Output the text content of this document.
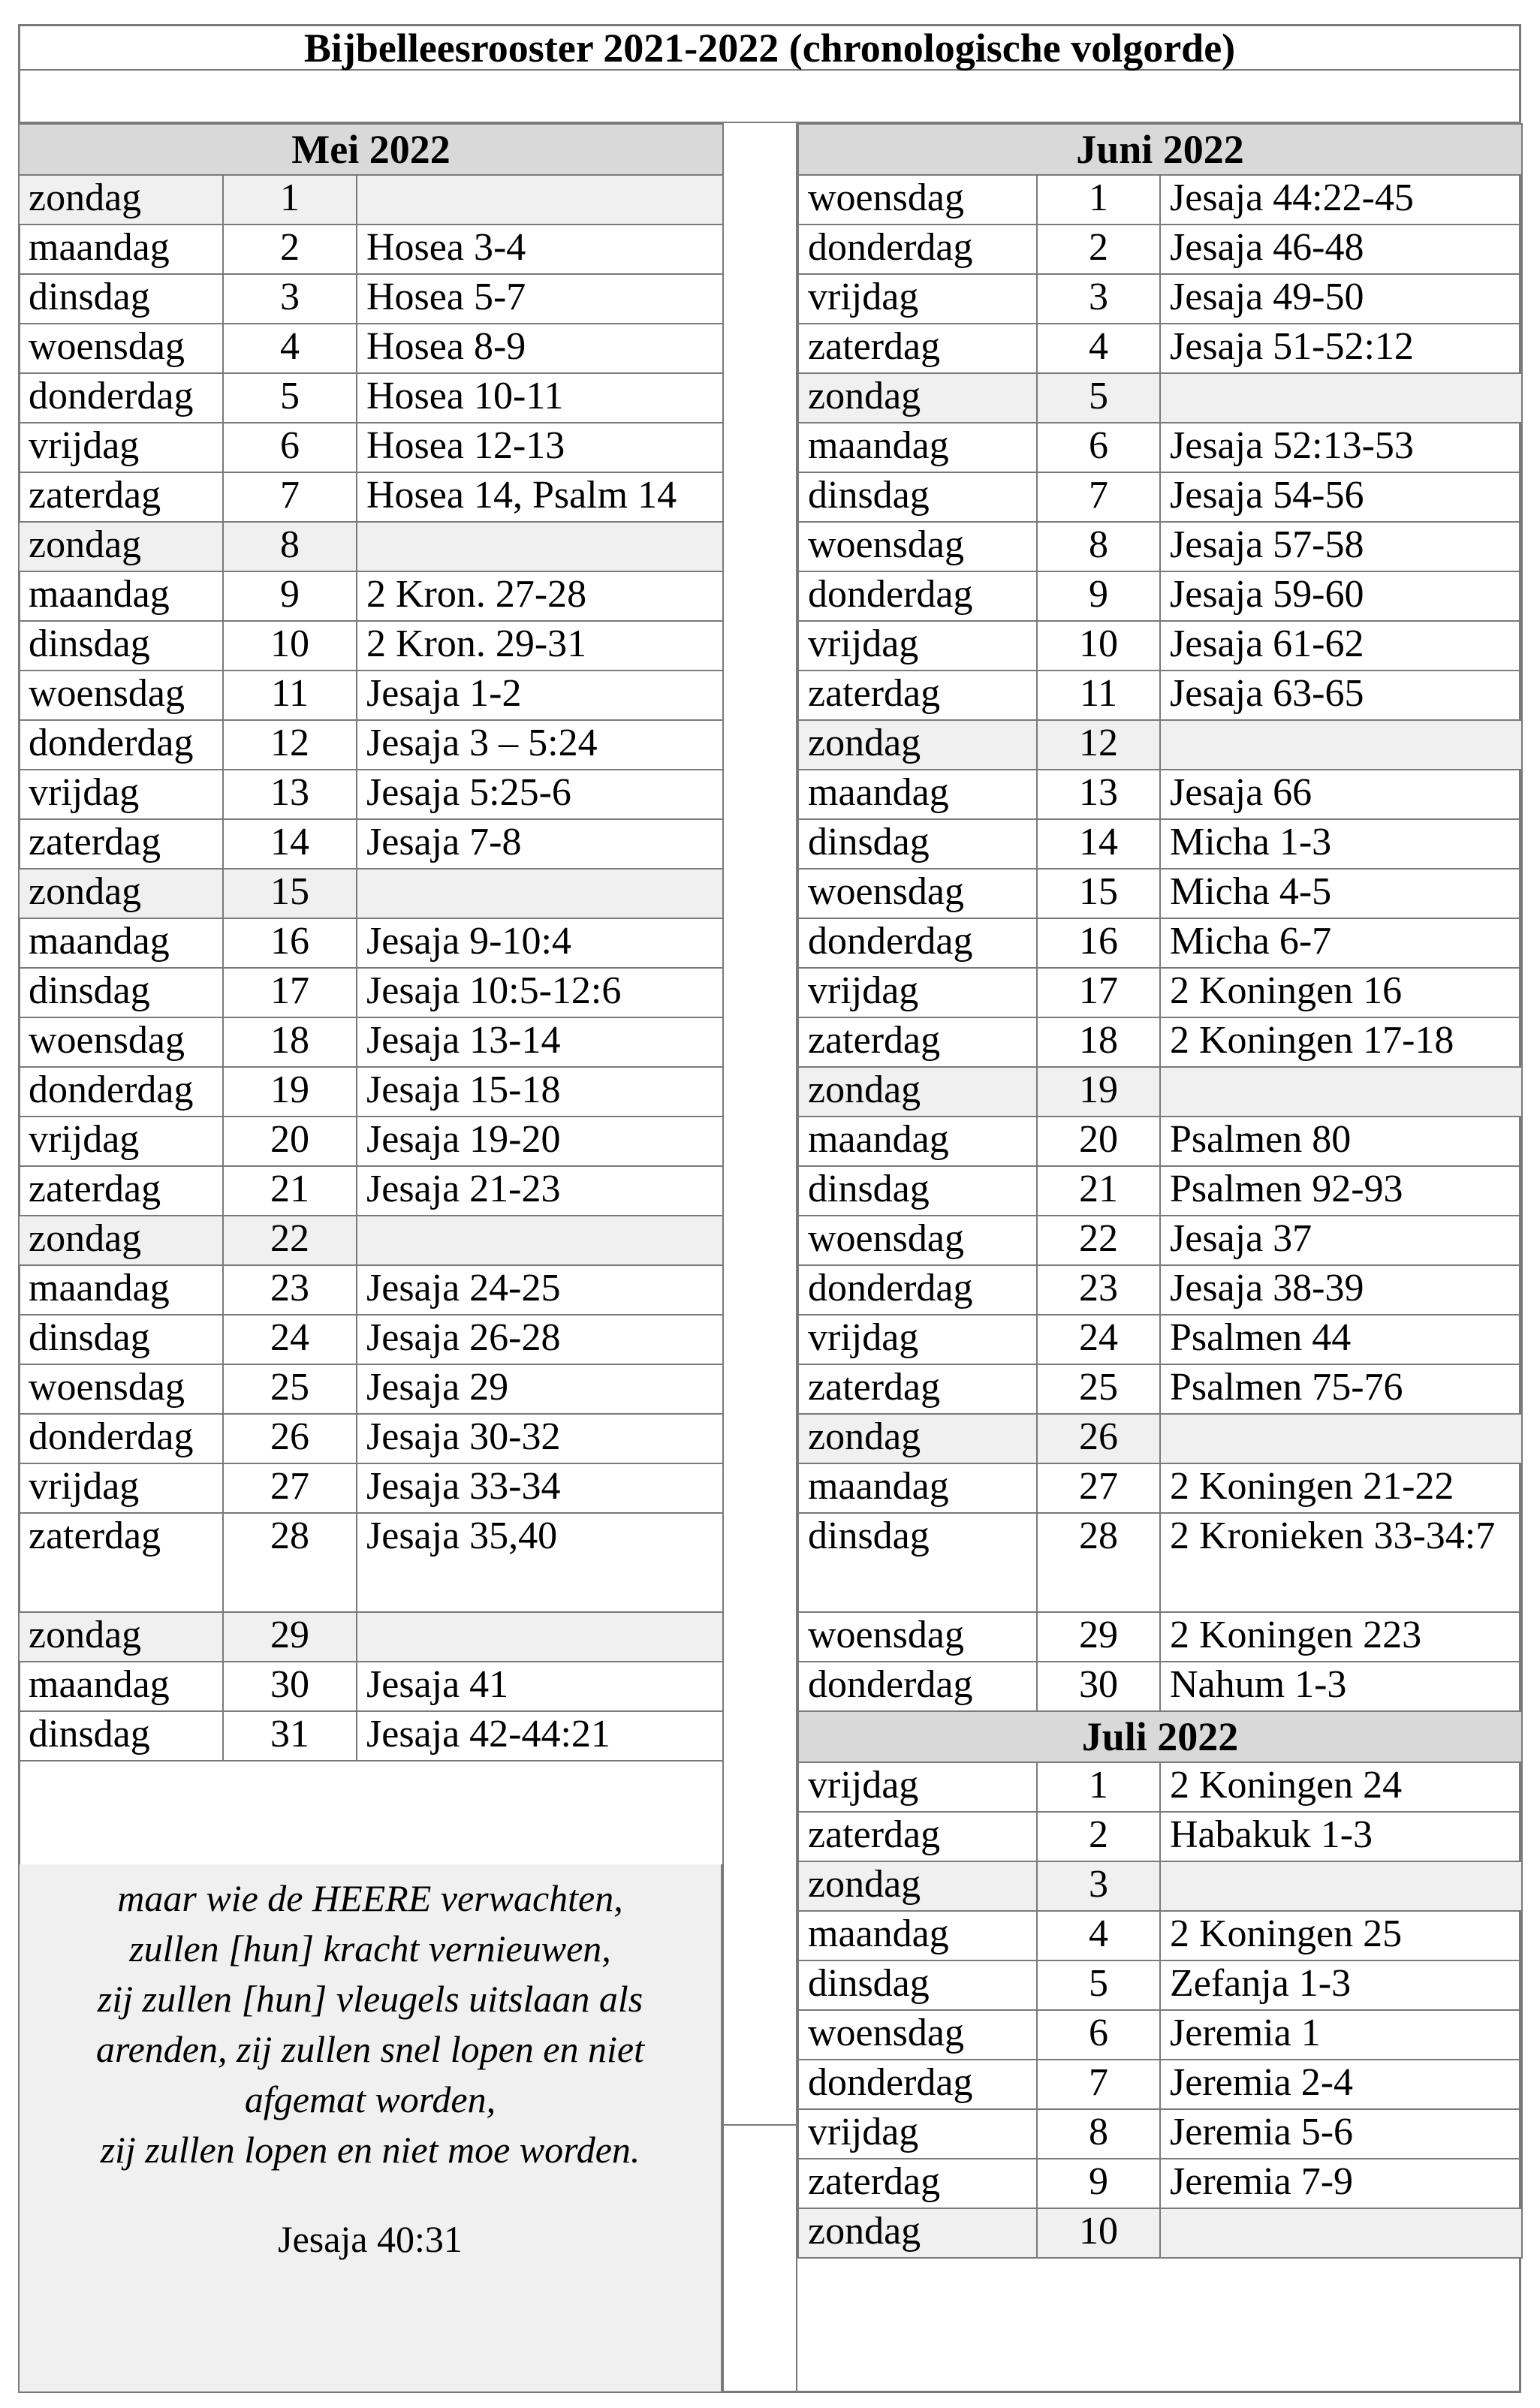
Bijbelleesrooster 2021-2022 (chronologische volgorde)
Mei 2022		
zondag	1	
maandag	2	Hosea 3-4
dinsdag	3	Hosea 5-7
woensdag	4	Hosea 8-9
donderdag	5	Hosea 10-11
vrijdag	6	Hosea 12-13
zaterdag	7	Hosea 14, Psalm 14
zondag	8	
maandag	9	2 Kron. 27-28
dinsdag	10	2 Kron. 29-31
woensdag	11	Jesaja 1-2
donderdag	12	Jesaja 3 – 5:24
vrijdag	13	Jesaja 5:25-6
zaterdag	14	Jesaja 7-8
zondag	15	
maandag	16	Jesaja 9-10:4
dinsdag	17	Jesaja 10:5-12:6
woensdag	18	Jesaja 13-14
donderdag	19	Jesaja 15-18
vrijdag	20	Jesaja 19-20
zaterdag	21	Jesaja 21-23
zondag	22	
maandag	23	Jesaja 24-25
dinsdag	24	Jesaja 26-28
woensdag	25	Jesaja 29
donderdag	26	Jesaja 30-32
vrijdag	27	Jesaja 33-34
zaterdag	28	Jesaja 35,40
zondag	29	
maandag	30	Jesaja 41
dinsdag	31	Jesaja 42-44:21
maar wie de HEERE verwachten,
zullen [hun] kracht vernieuwen,
zij zullen [hun] vleugels uitslaan als
arenden, zij zullen snel lopen en niet
afgemat worden,
zij zullen lopen en niet moe worden.
Jesaja 40:31
Juni 2022		
woensdag	1	Jesaja 44:22-45
donderdag	2	Jesaja 46-48
vrijdag	3	Jesaja 49-50
zaterdag	4	Jesaja 51-52:12
zondag	5	
maandag	6	Jesaja 52:13-53
dinsdag	7	Jesaja 54-56
woensdag	8	Jesaja 57-58
donderdag	9	Jesaja 59-60
vrijdag	10	Jesaja 61-62
zaterdag	11	Jesaja 63-65
zondag	12	
maandag	13	Jesaja 66
dinsdag	14	Micha 1-3
woensdag	15	Micha 4-5
donderdag	16	Micha 6-7
vrijdag	17	2 Koningen 16
zaterdag	18	2 Koningen 17-18
zondag	19	
maandag	20	Psalmen 80
dinsdag	21	Psalmen 92-93
woensdag	22	Jesaja 37
donderdag	23	Jesaja 38-39
vrijdag	24	Psalmen 44
zaterdag	25	Psalmen 75-76
zondag	26	
maandag	27	2 Koningen 21-22
dinsdag	28	2 Kronieken 33-34:7
woensdag	29	2 Koningen 223
donderdag	30	Nahum 1-3
Juli 2022		
vrijdag	1	2 Koningen 24
zaterdag	2	Habakuk 1-3
zondag	3	
maandag	4	2 Koningen 25
dinsdag	5	Zefanja 1-3
woensdag	6	Jeremia 1
donderdag	7	Jeremia 2-4
vrijdag	8	Jeremia 5-6
zaterdag	9	Jeremia 7-9
zondag	10	
